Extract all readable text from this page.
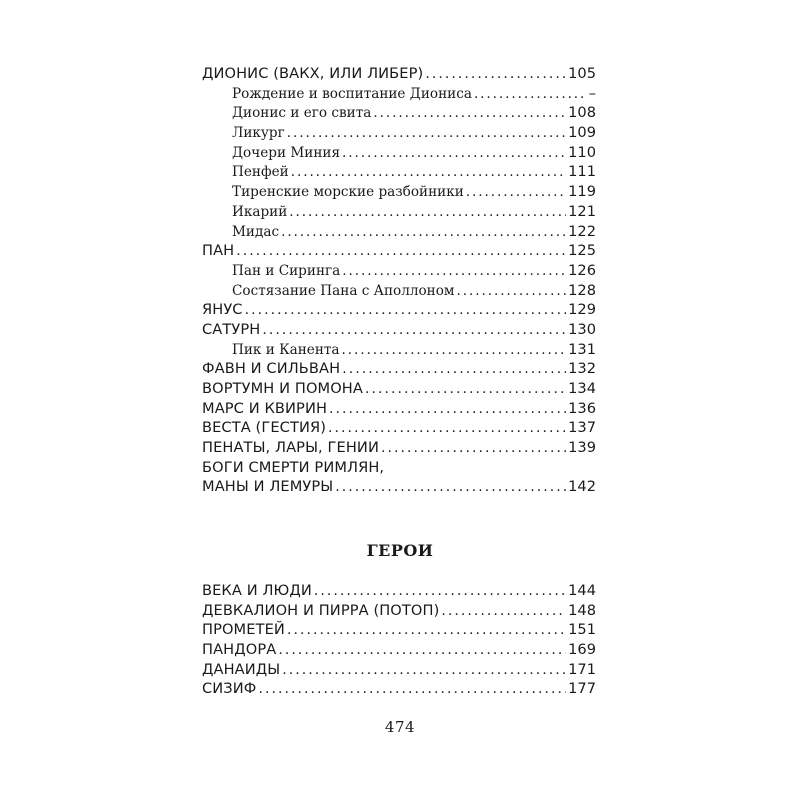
ДИОНИС (ВАКХ, ИЛИ ЛИБЕР) . . .	105
Рождение и воспитание Диониса . . .	–
Дионис и его свита . . .	108
Ликург . . .	109
Дочери Миния . . .	110
Пенфей . . .	111
Тиренские морские разбойники . . .	119
Икарий . . .	121
Мидас . . .	122
ПАН . . .	125
Пан и Сиринга . . .	126
Состязание Пана с Аполлоном . . .	128
ЯНУС . . .	129
САТУРН . . .	130
Пик и Канента . . .	131
ФАВН И СИЛЬВАН . . .	132
ВОРТУМН И ПОМОНА . . .	134
МАРС И КВИРИН . . .	136
ВЕСТА (ГЕСТИЯ) . . .	137
ПЕНАТЫ, ЛАРЫ, ГЕНИИ . . .	139
БОГИ СМЕРТИ РИМЛЯН,
МАНЫ И ЛЕМУРЫ . . .	142
ГЕРОИ
ВЕКА И ЛЮДИ . . .	144
ДЕВКАЛИОН И ПИРРА (ПОТОП) . . .	148
ПРОМЕТЕЙ . . .	151
ПАНДОРА . . .	169
ДАНАИДЫ . . .	171
СИЗИФ . . .	177
474
